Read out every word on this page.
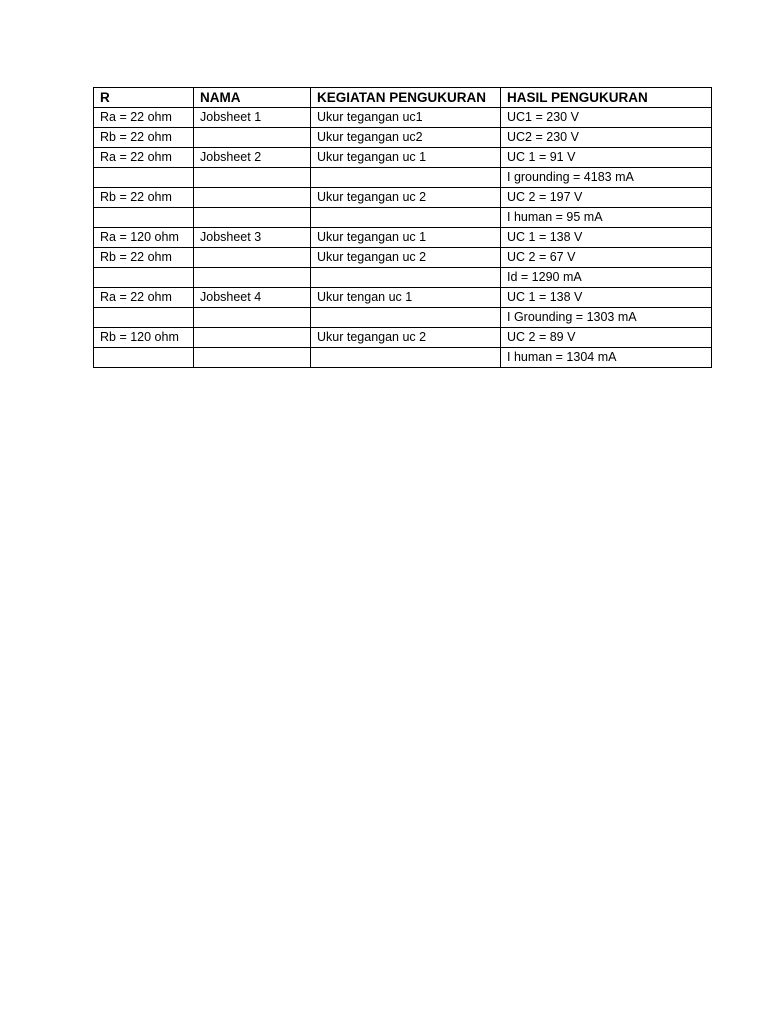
R	NAMA	KEGIATAN PENGUKURAN	HASIL PENGUKURAN
Ra = 22 ohm	Jobsheet 1	Ukur tegangan uc1	UC1 = 230 V
Rb = 22 ohm		Ukur tegangan uc2	UC2 = 230 V
Ra = 22 ohm	Jobsheet 2	Ukur tegangan uc 1	UC 1 = 91 V
			I grounding = 4183 mA
Rb = 22 ohm		Ukur tegangan uc 2	UC 2 = 197 V
			I human = 95 mA
Ra = 120 ohm	Jobsheet 3	Ukur tegangan uc 1	UC 1 = 138 V
Rb = 22 ohm		Ukur tegangan uc 2	UC 2 = 67 V
			Id = 1290 mA
Ra = 22 ohm	Jobsheet 4	Ukur tengan uc 1	UC 1 = 138 V
			I Grounding = 1303 mA
Rb = 120 ohm		Ukur tegangan uc 2	UC 2 = 89 V
			I human = 1304 mA
